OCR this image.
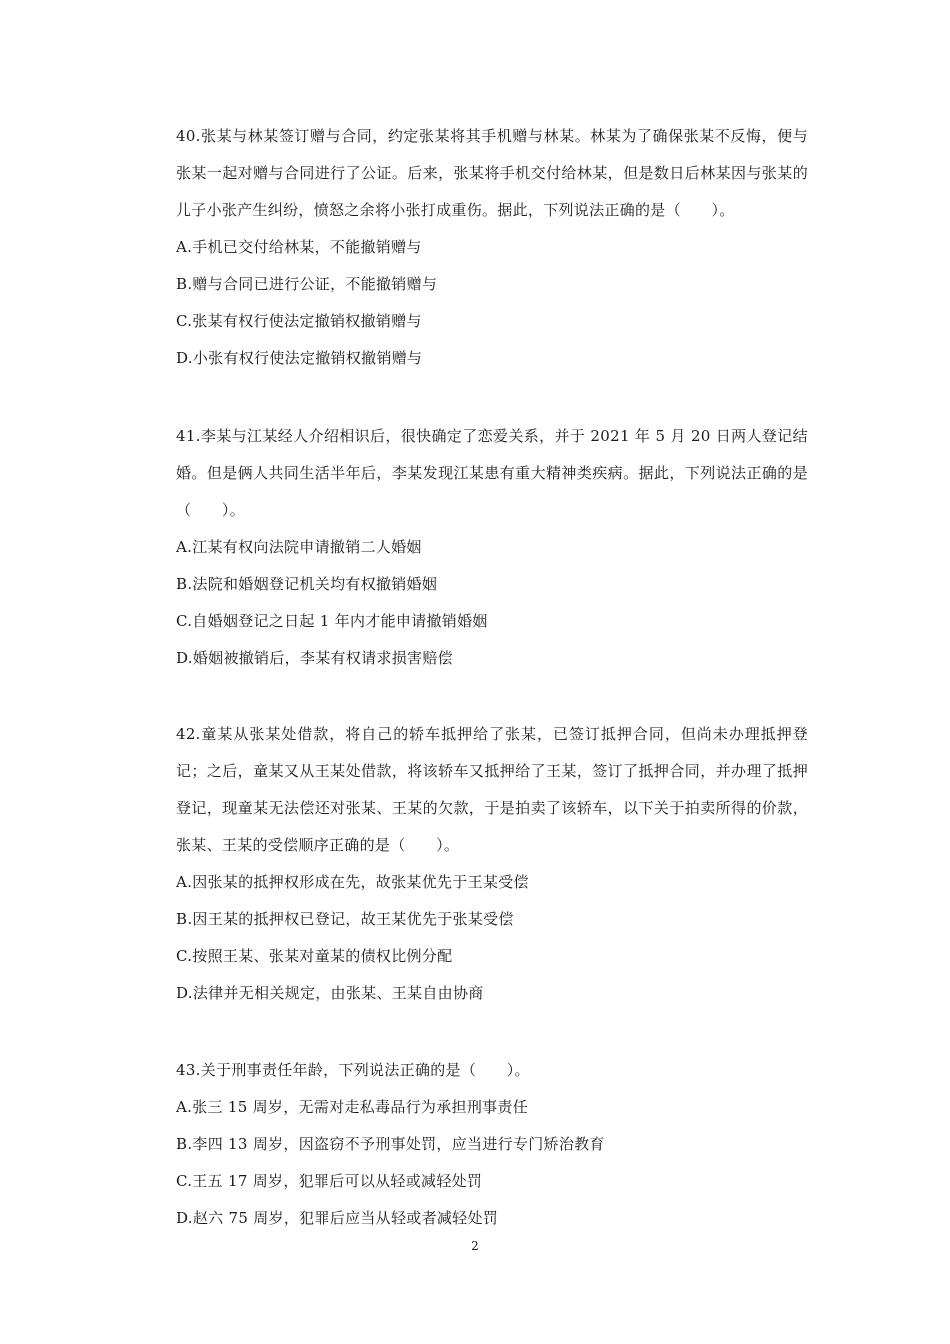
40.张某与林某签订赠与合同，约定张某将其手机赠与林某。林某为了确保张某不反悔，便与张某一起对赠与合同进行了公证。后来，张某将手机交付给林某，但是数日后林某因与张某的儿子小张产生纠纷，愤怒之余将小张打成重伤。据此，下列说法正确的是（　　）。

A.手机已交付给林某，不能撤销赠与
B.赠与合同已进行公证，不能撤销赠与
C.张某有权行使法定撤销权撤销赠与
D.小张有权行使法定撤销权撤销赠与

41.李某与江某经人介绍相识后，很快确定了恋爱关系，并于 2021 年 5 月 20 日两人登记结婚。但是俩人共同生活半年后，李某发现江某患有重大精神类疾病。据此，下列说法正确的是（　　）。

A.江某有权向法院申请撤销二人婚姻
B.法院和婚姻登记机关均有权撤销婚姻
C.自婚姻登记之日起 1 年内才能申请撤销婚姻
D.婚姻被撤销后，李某有权请求损害赔偿

42.童某从张某处借款，将自己的轿车抵押给了张某，已签订抵押合同，但尚未办理抵押登记；之后，童某又从王某处借款，将该轿车又抵押给了王某，签订了抵押合同，并办理了抵押登记，现童某无法偿还对张某、王某的欠款，于是拍卖了该轿车，以下关于拍卖所得的价款，张某、王某的受偿顺序正确的是（　　）。

A.因张某的抵押权形成在先，故张某优先于王某受偿
B.因王某的抵押权已登记，故王某优先于张某受偿
C.按照王某、张某对童某的债权比例分配
D.法律并无相关规定，由张某、王某自由协商

43.关于刑事责任年龄，下列说法正确的是（　　）。

A.张三 15 周岁，无需对走私毒品行为承担刑事责任
B.李四 13 周岁，因盗窃不予刑事处罚，应当进行专门矫治教育
C.王五 17 周岁，犯罪后可以从轻或减轻处罚
D.赵六 75 周岁，犯罪后应当从轻或者减轻处罚
2
